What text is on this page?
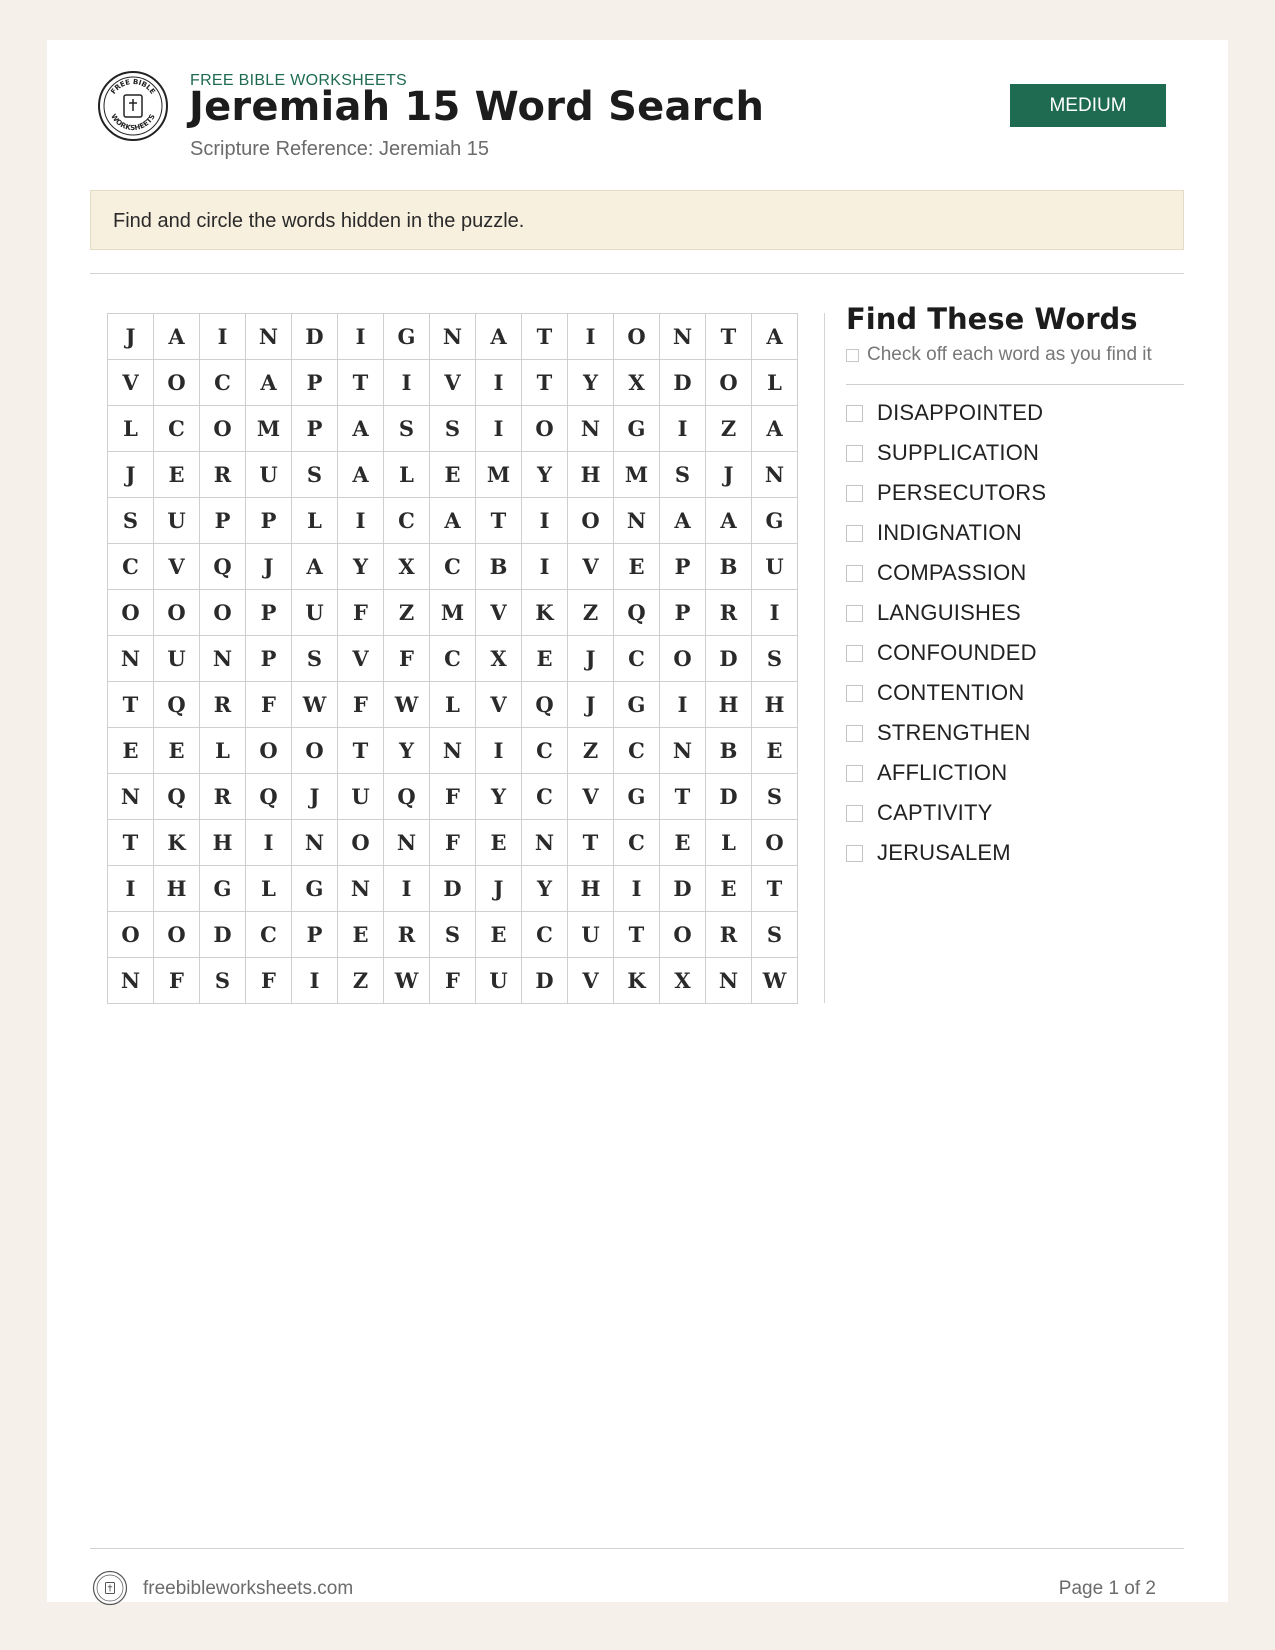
FREE BIBLE
WORKSHEETS
FREE BIBLE WORKSHEETS
Jeremiah 15 Word Search
Scripture Reference: Jeremiah 15
MEDIUM
Find and circle the words hidden in the puzzle.
J	A	I	N	D	I	G	N	A	T	I	O	N	T	A
V	O	C	A	P	T	I	V	I	T	Y	X	D	O	L
L	C	O	M	P	A	S	S	I	O	N	G	I	Z	A
J	E	R	U	S	A	L	E	M	Y	H	M	S	J	N
S	U	P	P	L	I	C	A	T	I	O	N	A	A	G
C	V	Q	J	A	Y	X	C	B	I	V	E	P	B	U
O	O	O	P	U	F	Z	M	V	K	Z	Q	P	R	I
N	U	N	P	S	V	F	C	X	E	J	C	O	D	S
T	Q	R	F	W	F	W	L	V	Q	J	G	I	H	H
E	E	L	O	O	T	Y	N	I	C	Z	C	N	B	E
N	Q	R	Q	J	U	Q	F	Y	C	V	G	T	D	S
T	K	H	I	N	O	N	F	E	N	T	C	E	L	O
I	H	G	L	G	N	I	D	J	Y	H	I	D	E	T
O	O	D	C	P	E	R	S	E	C	U	T	O	R	S
N	F	S	F	I	Z	W	F	U	D	V	K	X	N	W
Find These Words
Check off each word as you find it
DISAPPOINTED
SUPPLICATION
PERSECUTORS
INDIGNATION
COMPASSION
LANGUISHES
CONFOUNDED
CONTENTION
STRENGTHEN
AFFLICTION
CAPTIVITY
JERUSALEM
freebibleworksheets.com	Page 1 of 2
